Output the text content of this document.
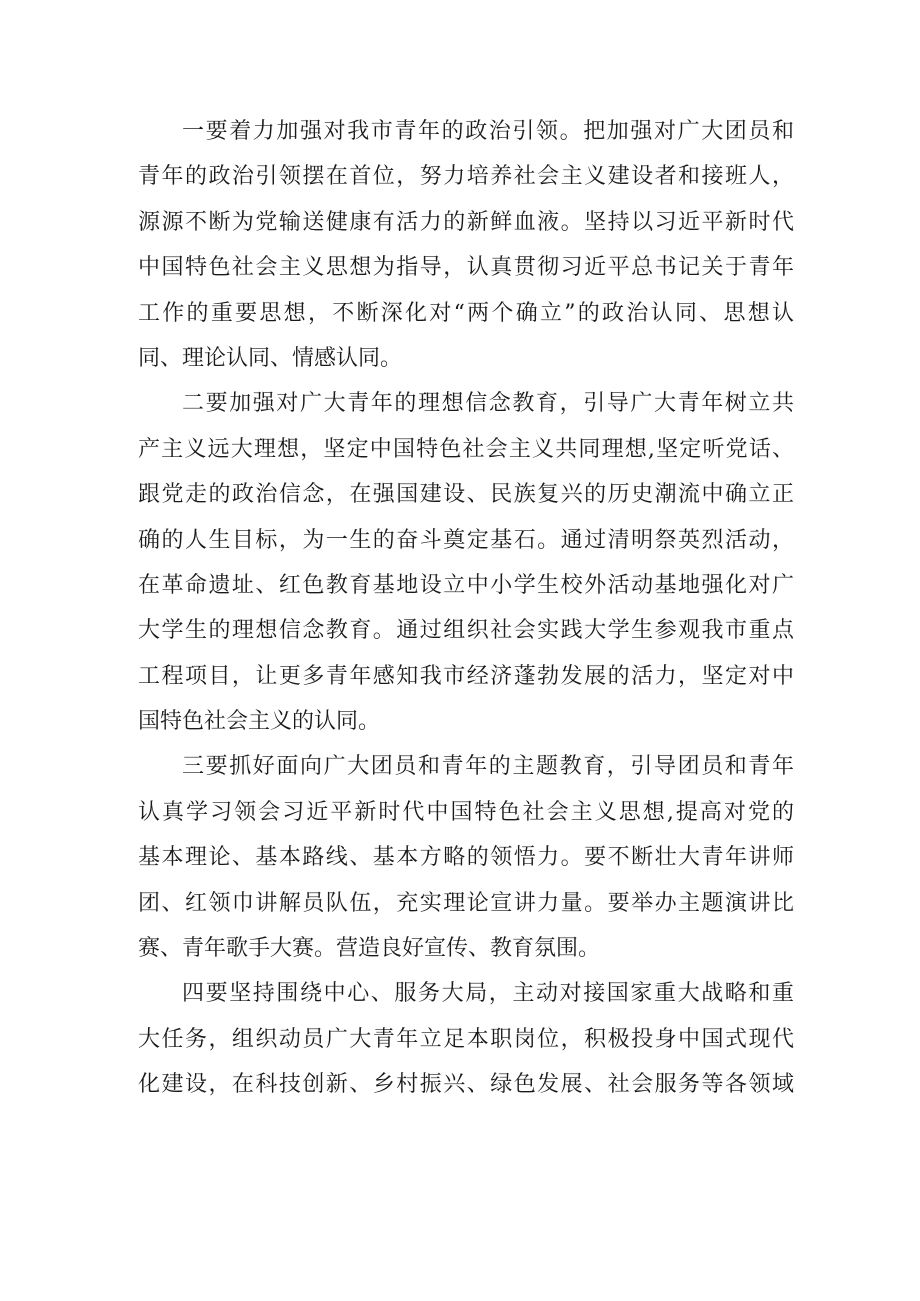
一要着力加强对我市青年的政治引领。把加强对广大团员和
青年的政治引领摆在首位，努力培养社会主义建设者和接班人，
源源不断为党输送健康有活力的新鲜血液。坚持以习近平新时代
中国特色社会主义思想为指导，认真贯彻习近平总书记关于青年
工作的重要思想，不断深化对“两个确立”的政治认同、思想认
同、理论认同、情感认同。

二要加强对广大青年的理想信念教育，引导广大青年树立共
产主义远大理想，坚定中国特色社会主义共同理想,坚定听党话、
跟党走的政治信念，在强国建设、民族复兴的历史潮流中确立正
确的人生目标，为一生的奋斗奠定基石。通过清明祭英烈活动，
在革命遗址、红色教育基地设立中小学生校外活动基地强化对广
大学生的理想信念教育。通过组织社会实践大学生参观我市重点
工程项目，让更多青年感知我市经济蓬勃发展的活力，坚定对中
国特色社会主义的认同。

三要抓好面向广大团员和青年的主题教育，引导团员和青年
认真学习领会习近平新时代中国特色社会主义思想,提高对党的
基本理论、基本路线、基本方略的领悟力。要不断壮大青年讲师
团、红领巾讲解员队伍，充实理论宣讲力量。要举办主题演讲比
赛、青年歌手大赛。营造良好宣传、教育氛围。

四要坚持围绕中心、服务大局，主动对接国家重大战略和重
大任务，组织动员广大青年立足本职岗位，积极投身中国式现代
化建设，在科技创新、乡村振兴、绿色发展、社会服务等各领域
